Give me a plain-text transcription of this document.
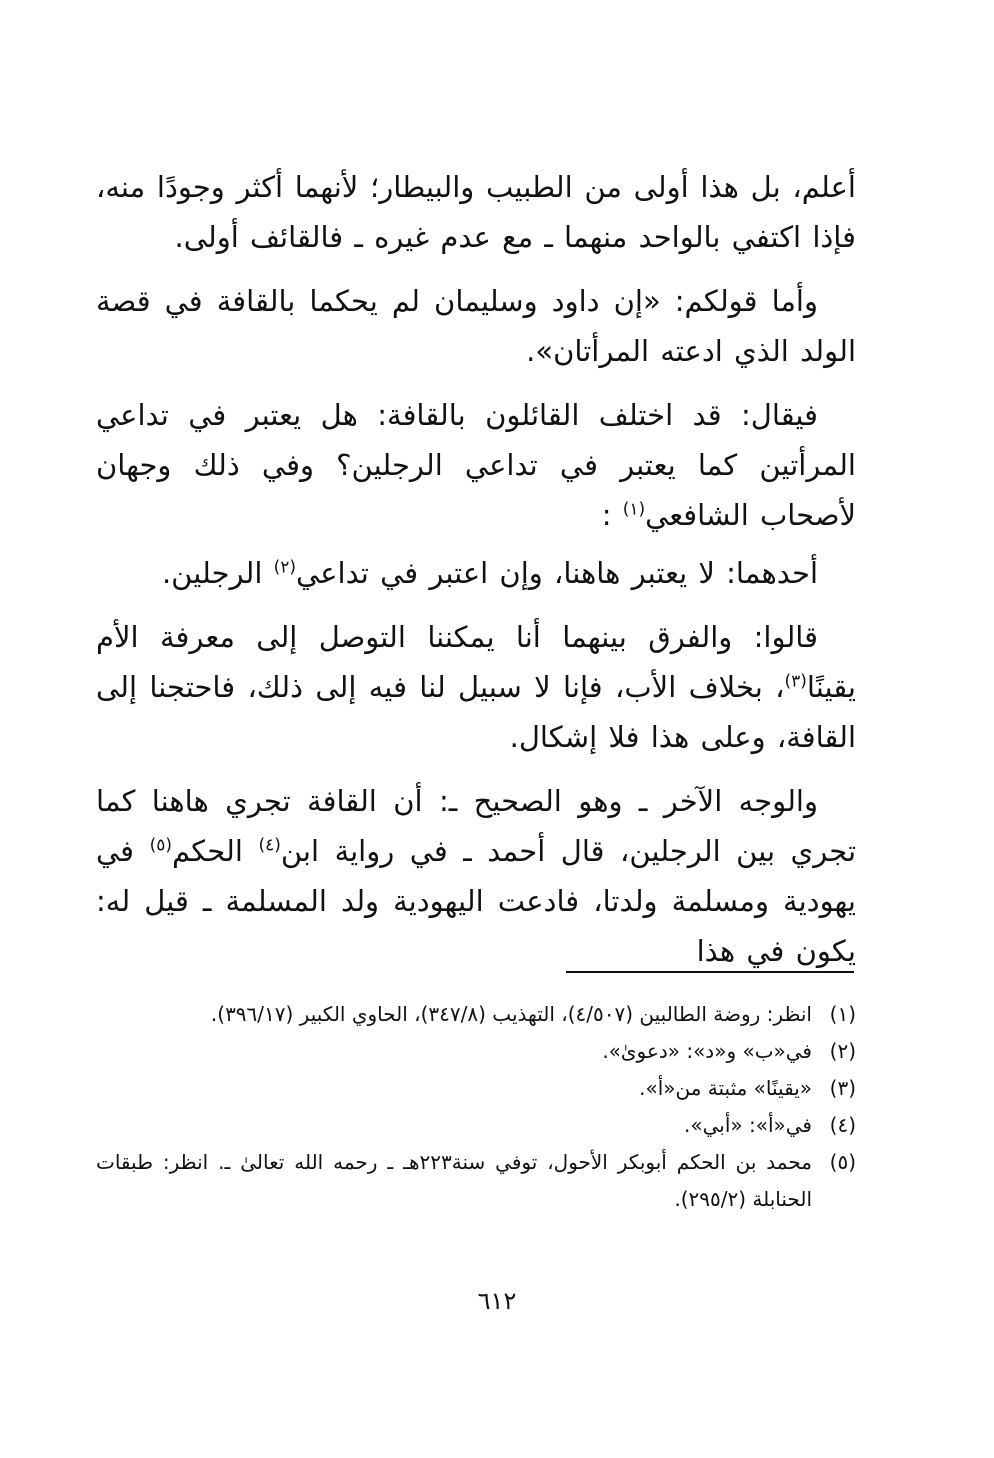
أعلم، بل هذا أولى من الطبيب والبيطار؛ لأنهما أكثر وجودًا منه، فإذا اكتفي بالواحد منهما ـ مع عدم غيره ـ فالقائف أولى.

وأما قولكم: «إن داود وسليمان لم يحكما بالقافة في قصة الولد الذي ادعته المرأتان».

فيقال: قد اختلف القائلون بالقافة: هل يعتبر في تداعي المرأتين كما يعتبر في تداعي الرجلين؟ وفي ذلك وجهان لأصحاب الشافعي$^{(١)}$ :

أحدهما: لا يعتبر هاهنا، وإن اعتبر في تداعي$^{(٢)}$ الرجلين.

قالوا: والفرق بينهما أنا يمكننا التوصل إلى معرفة الأم يقينًا$^{(٣)}$، بخلاف الأب، فإنا لا سبيل لنا فيه إلى ذلك، فاحتجنا إلى القافة، وعلى هذا فلا إشكال.

والوجه الآخر ـ وهو الصحيح ـ: أن القافة تجري هاهنا كما تجري بين الرجلين، قال أحمد ـ في رواية ابن$^{(٤)}$ الحكم$^{(٥)}$ في يهودية ومسلمة ولدتا، فادعت اليهودية ولد المسلمة ـ قيل له: يكون في هذا

(١)
انظر: روضة الطالبين (٤/٥٠٧)، التهذيب (٣٤٧/٨)، الحاوي الكبير (٣٩٦/١٧).
(٢)
في«ب» و«د»: «دعوىٰ».
(٣)
«يقينًا» مثبتة من«أ».
(٤)
في«أ»: «أبي».
(٥)
محمد بن الحكم أبوبكر الأحول، توفي سنة٢٢٣هـ ـ رحمه الله تعالىٰ ـ. انظر: طبقات الحنابلة (٢٩٥/٢).
٦١٢
